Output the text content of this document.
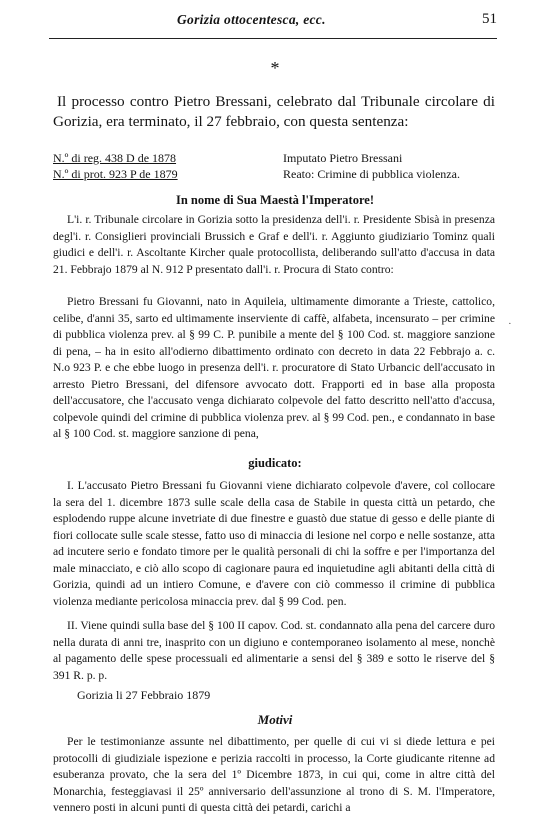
Gorizia ottocentesca, ecc.	51
*

Il processo contro Pietro Bressani, celebrato dal Tribunale circolare di Gorizia, era terminato, il 27 febbraio, con questa sentenza:

N.º di reg. 438 D de 1878
N.º di prot. 923 P de 1879
Imputato Pietro Bressani
Reato: Crimine di pubblica violenza.
In nome di Sua Maestà l'Imperatore!

L'i. r. Tribunale circolare in Gorizia sotto la presidenza dell'i. r. Presidente Sbisà in presenza degl'i. r. Consiglieri provinciali Brussich e Graf e dell'i. r. Aggiunto giudiziario Tominz quali giudici e dell'i. r. Ascoltante Kircher quale protocollista, deliberando sull'atto d'accusa in data 21. Febbrajo 1879 al N. 912 P presentato dall'i. r. Procura di Stato contro:

Pietro Bressani fu Giovanni, nato in Aquileia, ultimamente dimorante a Trieste, cattolico, celibe, d'anni 35, sarto ed ultimamente inserviente di caffè, alfabeta, incensurato – per crimine di pubblica violenza prev. al § 99 C. P. punibile a mente del § 100 Cod. st. maggiore sanzione di pena, – ha in esito all'odierno dibattimento ordinato con decreto in data 22 Febbrajo a. c. N.o 923 P. e che ebbe luogo in presenza dell'i. r. procuratore di Stato Urbancic dell'accusato in arresto Pietro Bressani, del difensore avvocato dott. Frapporti ed in base alla proposta dell'accusatore, che l'accusato venga dichiarato colpevole del fatto descritto nell'atto d'accusa, colpevole quindi del crimine di pubblica violenza prev. al § 99 Cod. pen., e condannato in base al § 100 Cod. st. maggiore sanzione di pena,

·
giudicato:

I. L'accusato Pietro Bressani fu Giovanni viene dichiarato colpevole d'avere, col collocare la sera del 1. dicembre 1873 sulle scale della casa de Stabile in questa città un petardo, che esplodendo ruppe alcune invetriate di due finestre e guastò due statue di gesso e delle piante di fiori collocate sulle scale stesse, fatto uso di minaccia di lesione nel corpo e nelle sostanze, atta ad incutere serio e fondato timore per le qualità personali di chi la soffre e per l'importanza del male minacciato, e ciò allo scopo di cagionare paura ed inquietudine agli abitanti della città di Gorizia, quindi ad un intiero Comune, e d'avere con ciò commesso il crimine di pubblica violenza mediante pericolosa minaccia prev. dal § 99 Cod. pen.

II. Viene quindi sulla base del § 100 II capov. Cod. st. condannato alla pena del carcere duro nella durata di anni tre, inasprito con un digiuno e contemporaneo isolamento al mese, nonchè al pagamento delle spese processuali ed alimentarie a sensi del § 389 e sotto le riserve del § 391 R. p. p.

Gorizia li 27 Febbraio 1879
Motivi

Per le testimonianze assunte nel dibattimento, per quelle di cui vi si diede lettura e pei protocolli di giudiziale ispezione e perizia raccolti in processo, la Corte giudicante ritenne ad esuberanza provato, che la sera del 1º Dicembre 1873, in cui qui, come in altre città del Monarchia, festeggiavasi il 25º anniversario dell'assunzione al trono di S. M. l'Imperatore, vennero posti in alcuni punti di questa città dei petardi, carichi a
